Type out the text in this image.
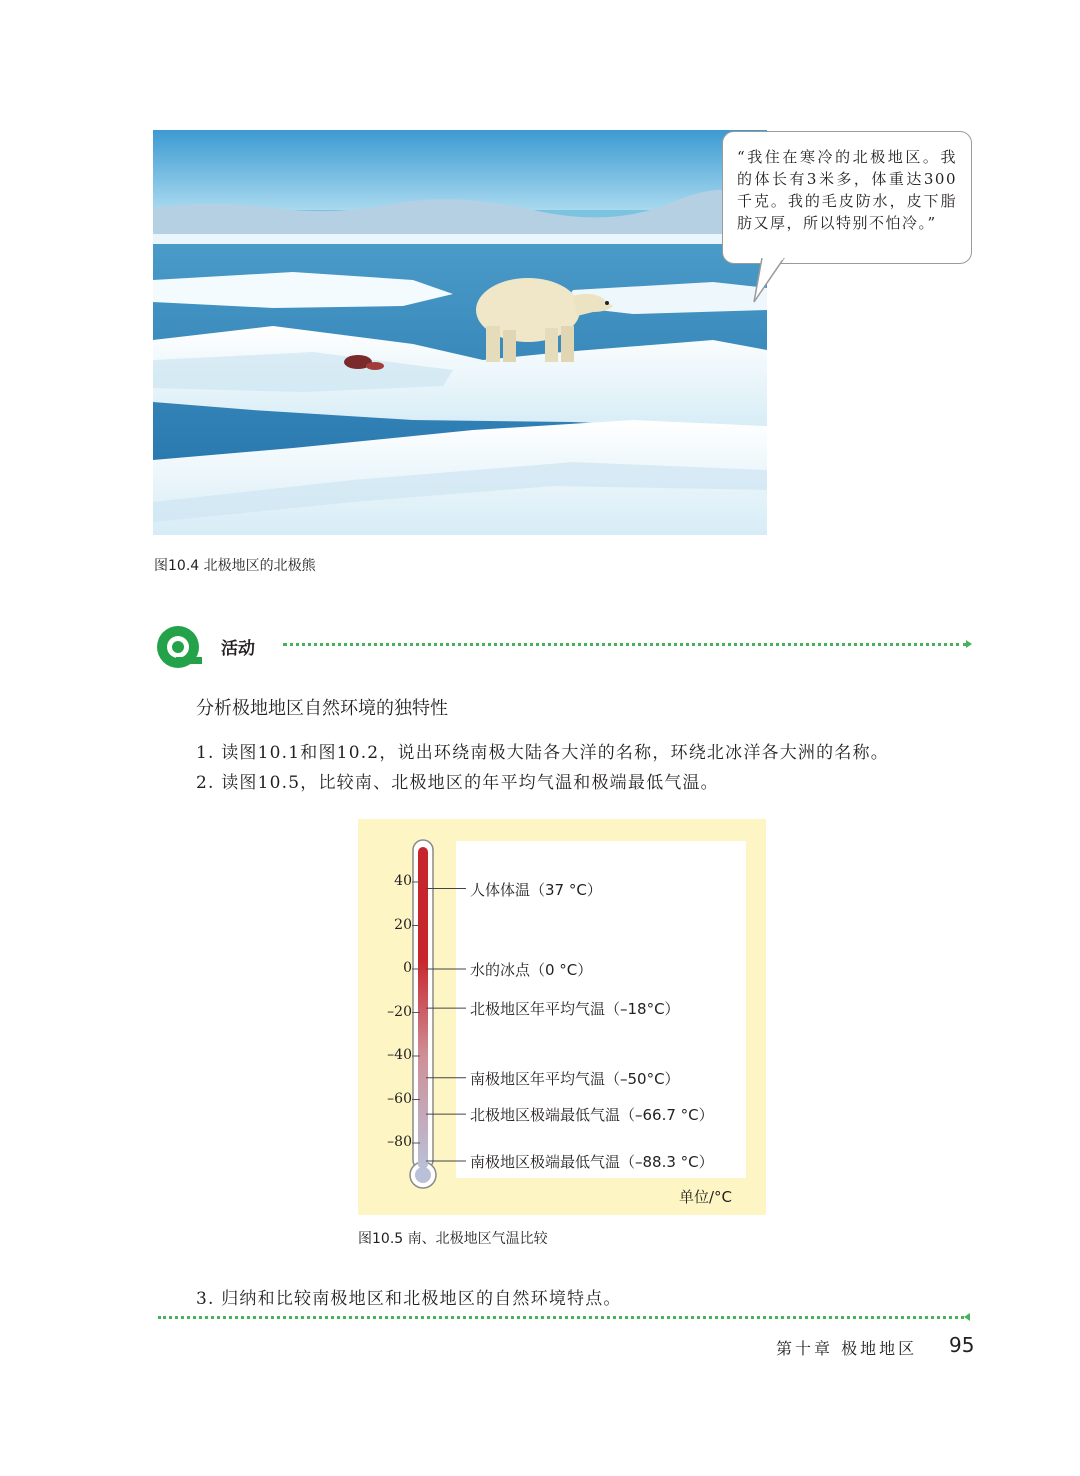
“我住在寒冷的北极地区。我的体长有3米多，体重达300千克。我的毛皮防水，皮下脂肪又厚，所以特别不怕冷。”
图10.4 北极地区的北极熊
活动
分析极地地区自然环境的独特性
1. 读图10.1和图10.2，说出环绕南极大陆各大洋的名称，环绕北冰洋各大洲的名称。
2. 读图10.5，比较南、北极地区的年平均气温和极端最低气温。
40
20
0
–20
–40
–60
–80
人体体温（37 °C）
水的冰点（0 °C）
北极地区年平均气温（–18°C）
南极地区年平均气温（–50°C）
北极地区极端最低气温（–66.7 °C）
南极地区极端最低气温（–88.3 °C）
单位/°C
图10.5 南、北极地区气温比较
3. 归纳和比较南极地区和北极地区的自然环境特点。
第十章 极地地区 95
